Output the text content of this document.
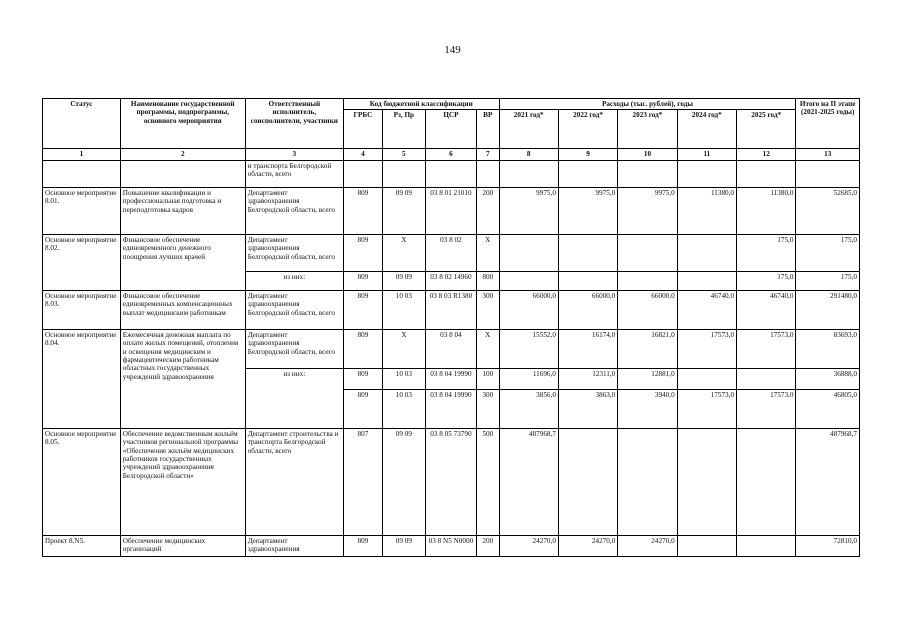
149
Статус	Наименование государственной программы, подпрограммы, основного мероприятия	Ответственный исполнитель, соисполнители, участники	Код бюджетной классификации				Расходы (тыс. рублей), годы					Итого на II этапе (2021-2025 годы)
			ГРБС	Рз, Пр	ЦСР	ВР	2021 год*	2022 год*	2023 год*	2024 год*	2025 год*	
1	2	3	4	5	6	7	8	9	10	11	12	13
		и транспорта Белгородской области, всего										
Основное мероприятие 8.01.	Повышение квалификации и профессиональная подготовка и переподготовка кадров	Департамент здравоохранения Белгородской области, всего	809	09 09	03 8 01 21010	200	9975,0	9975,0	9975,0	11380,0	11380,0	52685,0
Основное мероприятие 8.02.	Финансовое обеспечение единовременного денежного поощрения лучших врачей	Департамент здравоохранения Белгородской области, всего	809	Х	03 8 02	Х					175,0	175,0
		из них:	809	09 09	03 8 02 14960	800					175,0	175,0
Основное мероприятие 8.03.	Финансовое обеспечение единовременных компенсационных выплат медицинским работникам	Департамент здравоохранения Белгородской области, всего	809	10 03	03 8 03 R1380	300	66000,0	66000,0	66000,0	46740,0	46740,0	291480,0
Основное мероприятие 8.04.	Ежемесячная денежная выплата по оплате жилых помещений, отопления и освещения медицинским и фармацевтическим работникам областных государственных учреждений здравоохранения	Департамент здравоохранения Белгородской области, всего	809	Х	03 8 04	Х	15552,0	16174,0	16821,0	17573,0	17573,0	83693,0
		из них:	809	10 03	03 8 04 19990	100	11696,0	12311,0	12881,0			36888,0
			809	10 03	03 8 04 19990	300	3856,0	3863,0	3940,0	17573,0	17573,0	46805,0
Основное мероприятие 8.05.	Обеспечение ведомственным жильём участников региональной программы «Обеспечение жильём медицинских работников государственных учреждений здравоохранения Белгородской области»	Департамент строительства и транспорта Белгородской области, всего	807	09 09	03 8 05 73790	500	487968,7					487968,7
Проект 8.N5.	Обеспечение медицинских организаций	Департамент здравоохранения	809	09 09	03 8 N5 N0000	200	24270,0	24270,0	24270,0			72810,0
